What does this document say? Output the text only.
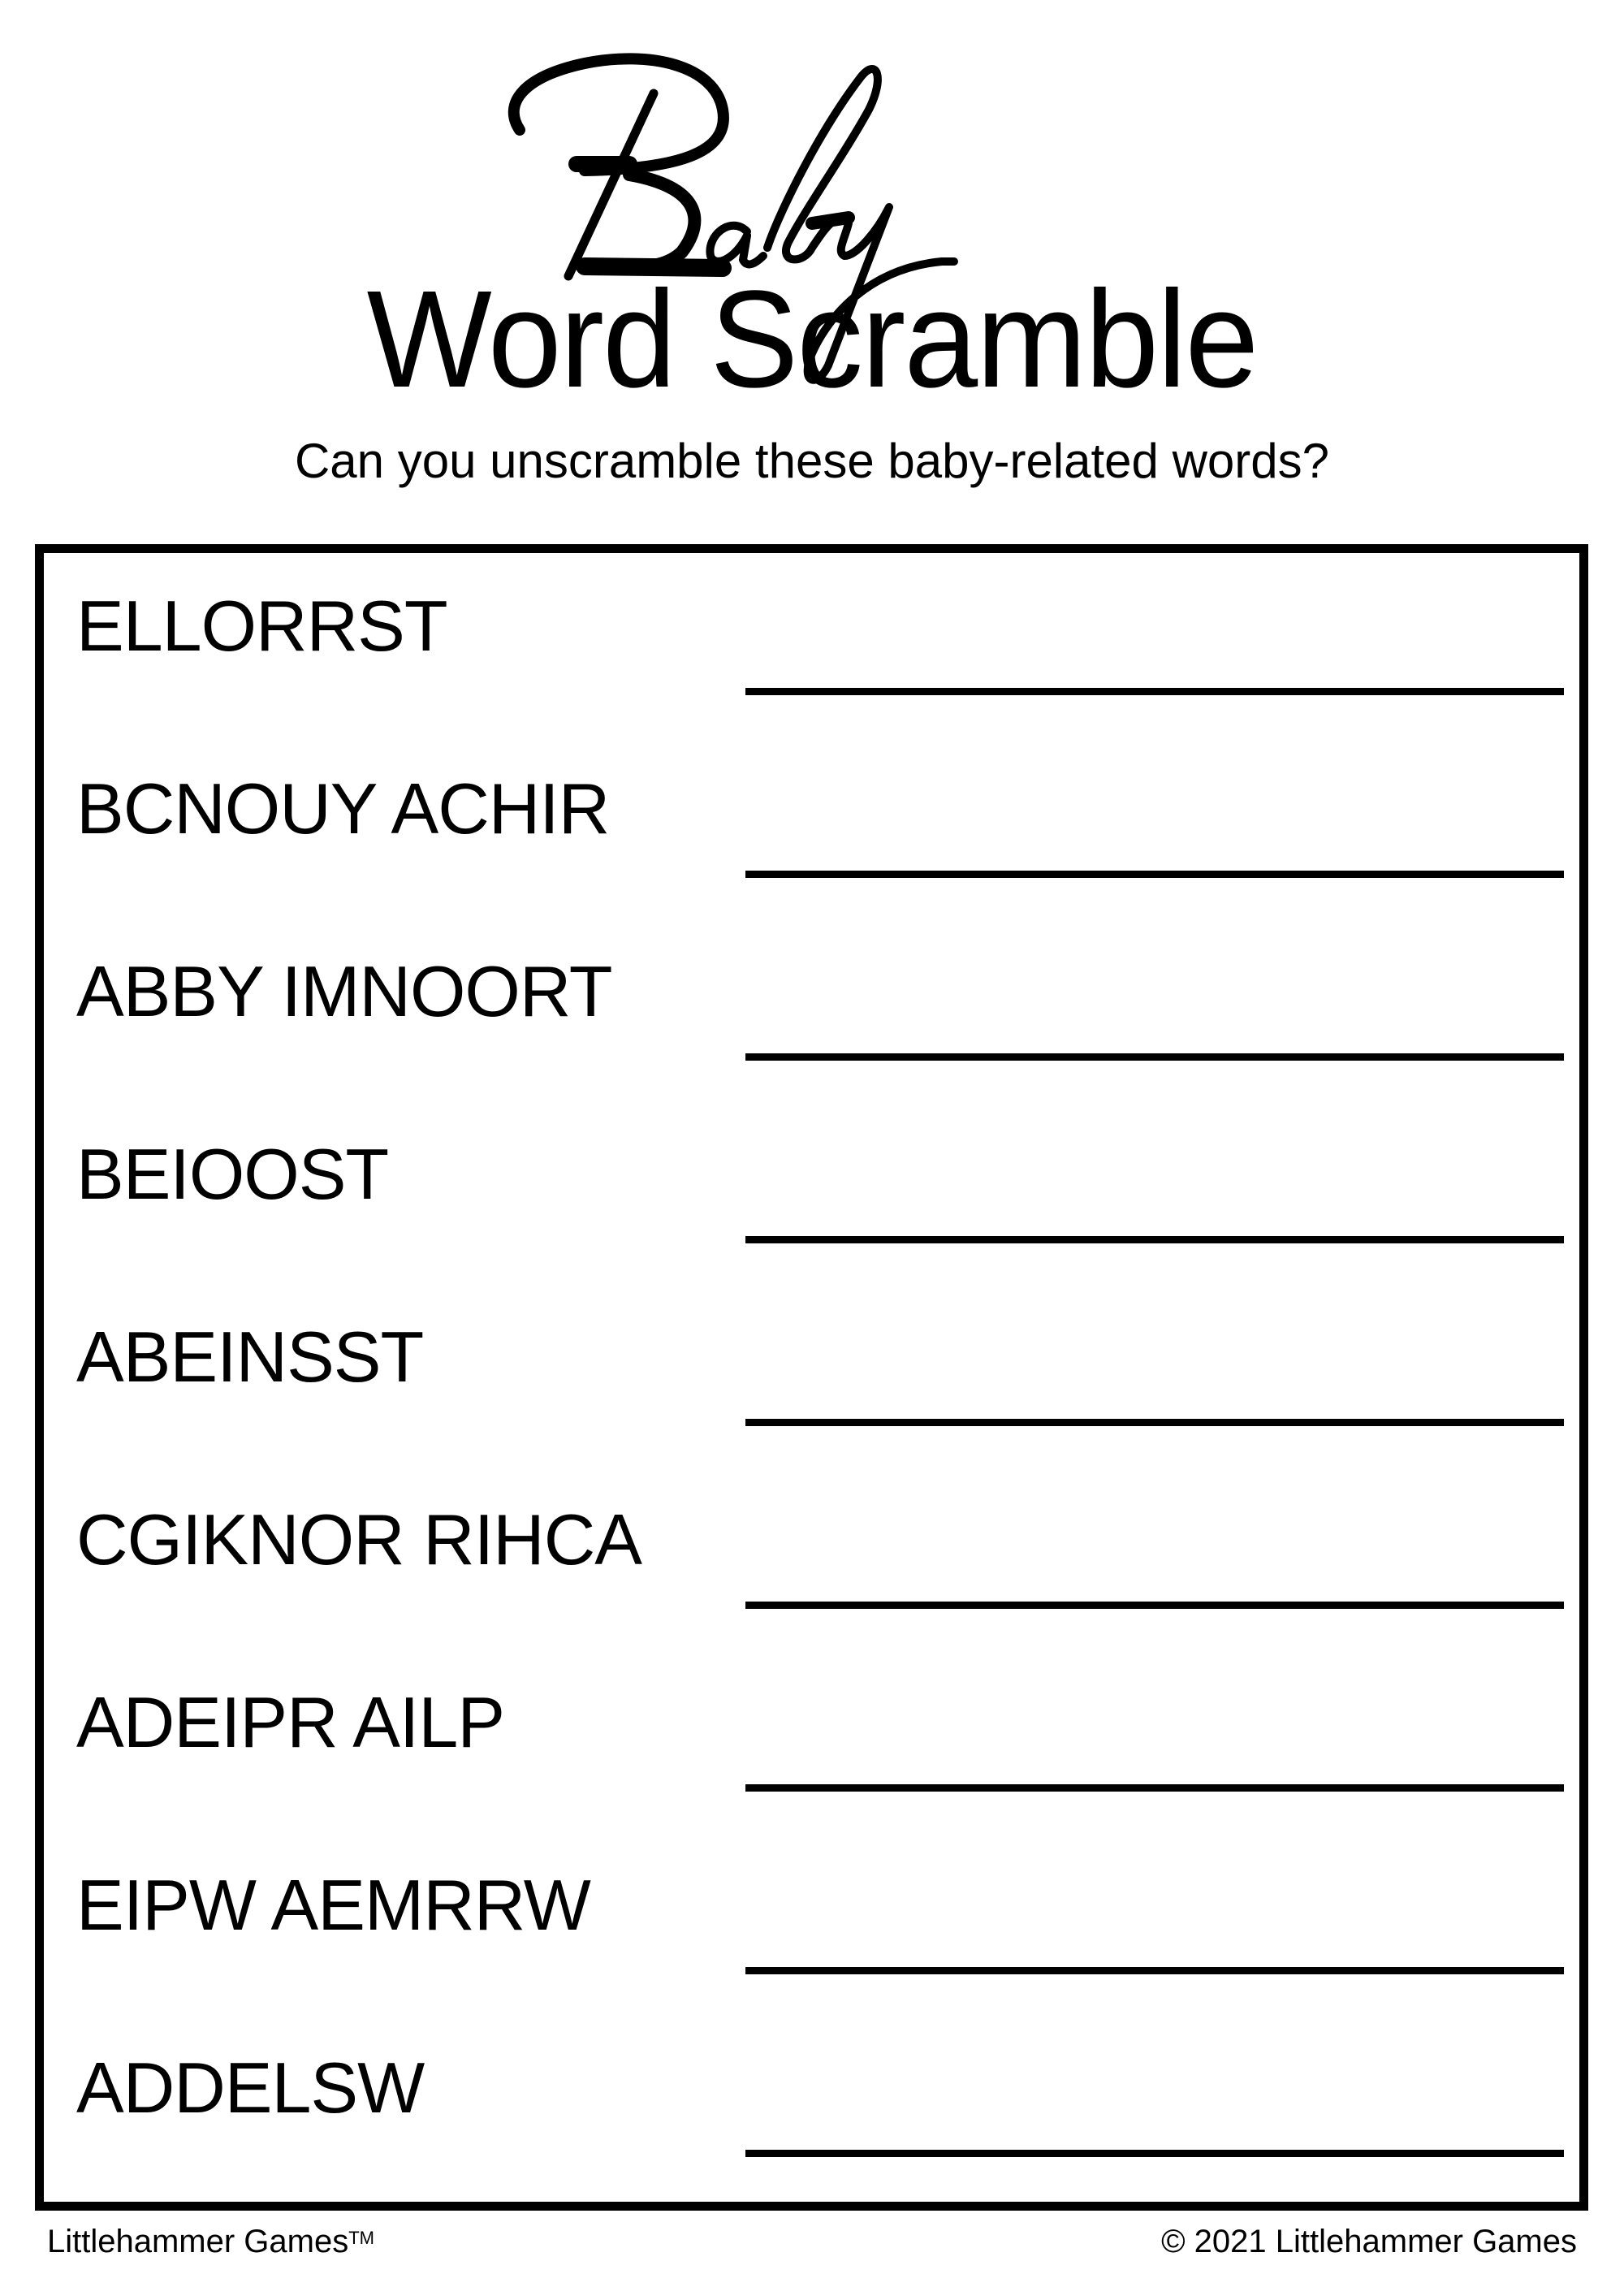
Word Scramble
Can you unscramble these baby-related words?
ELLORRST
BCNOUY ACHIR
ABBY IMNOORT
BEIOOST
ABEINSST
CGIKNOR RIHCA
ADEIPR AILP
EIPW AEMRRW
ADDELSW
Littlehammer Games™	© 2021 Littlehammer Games
